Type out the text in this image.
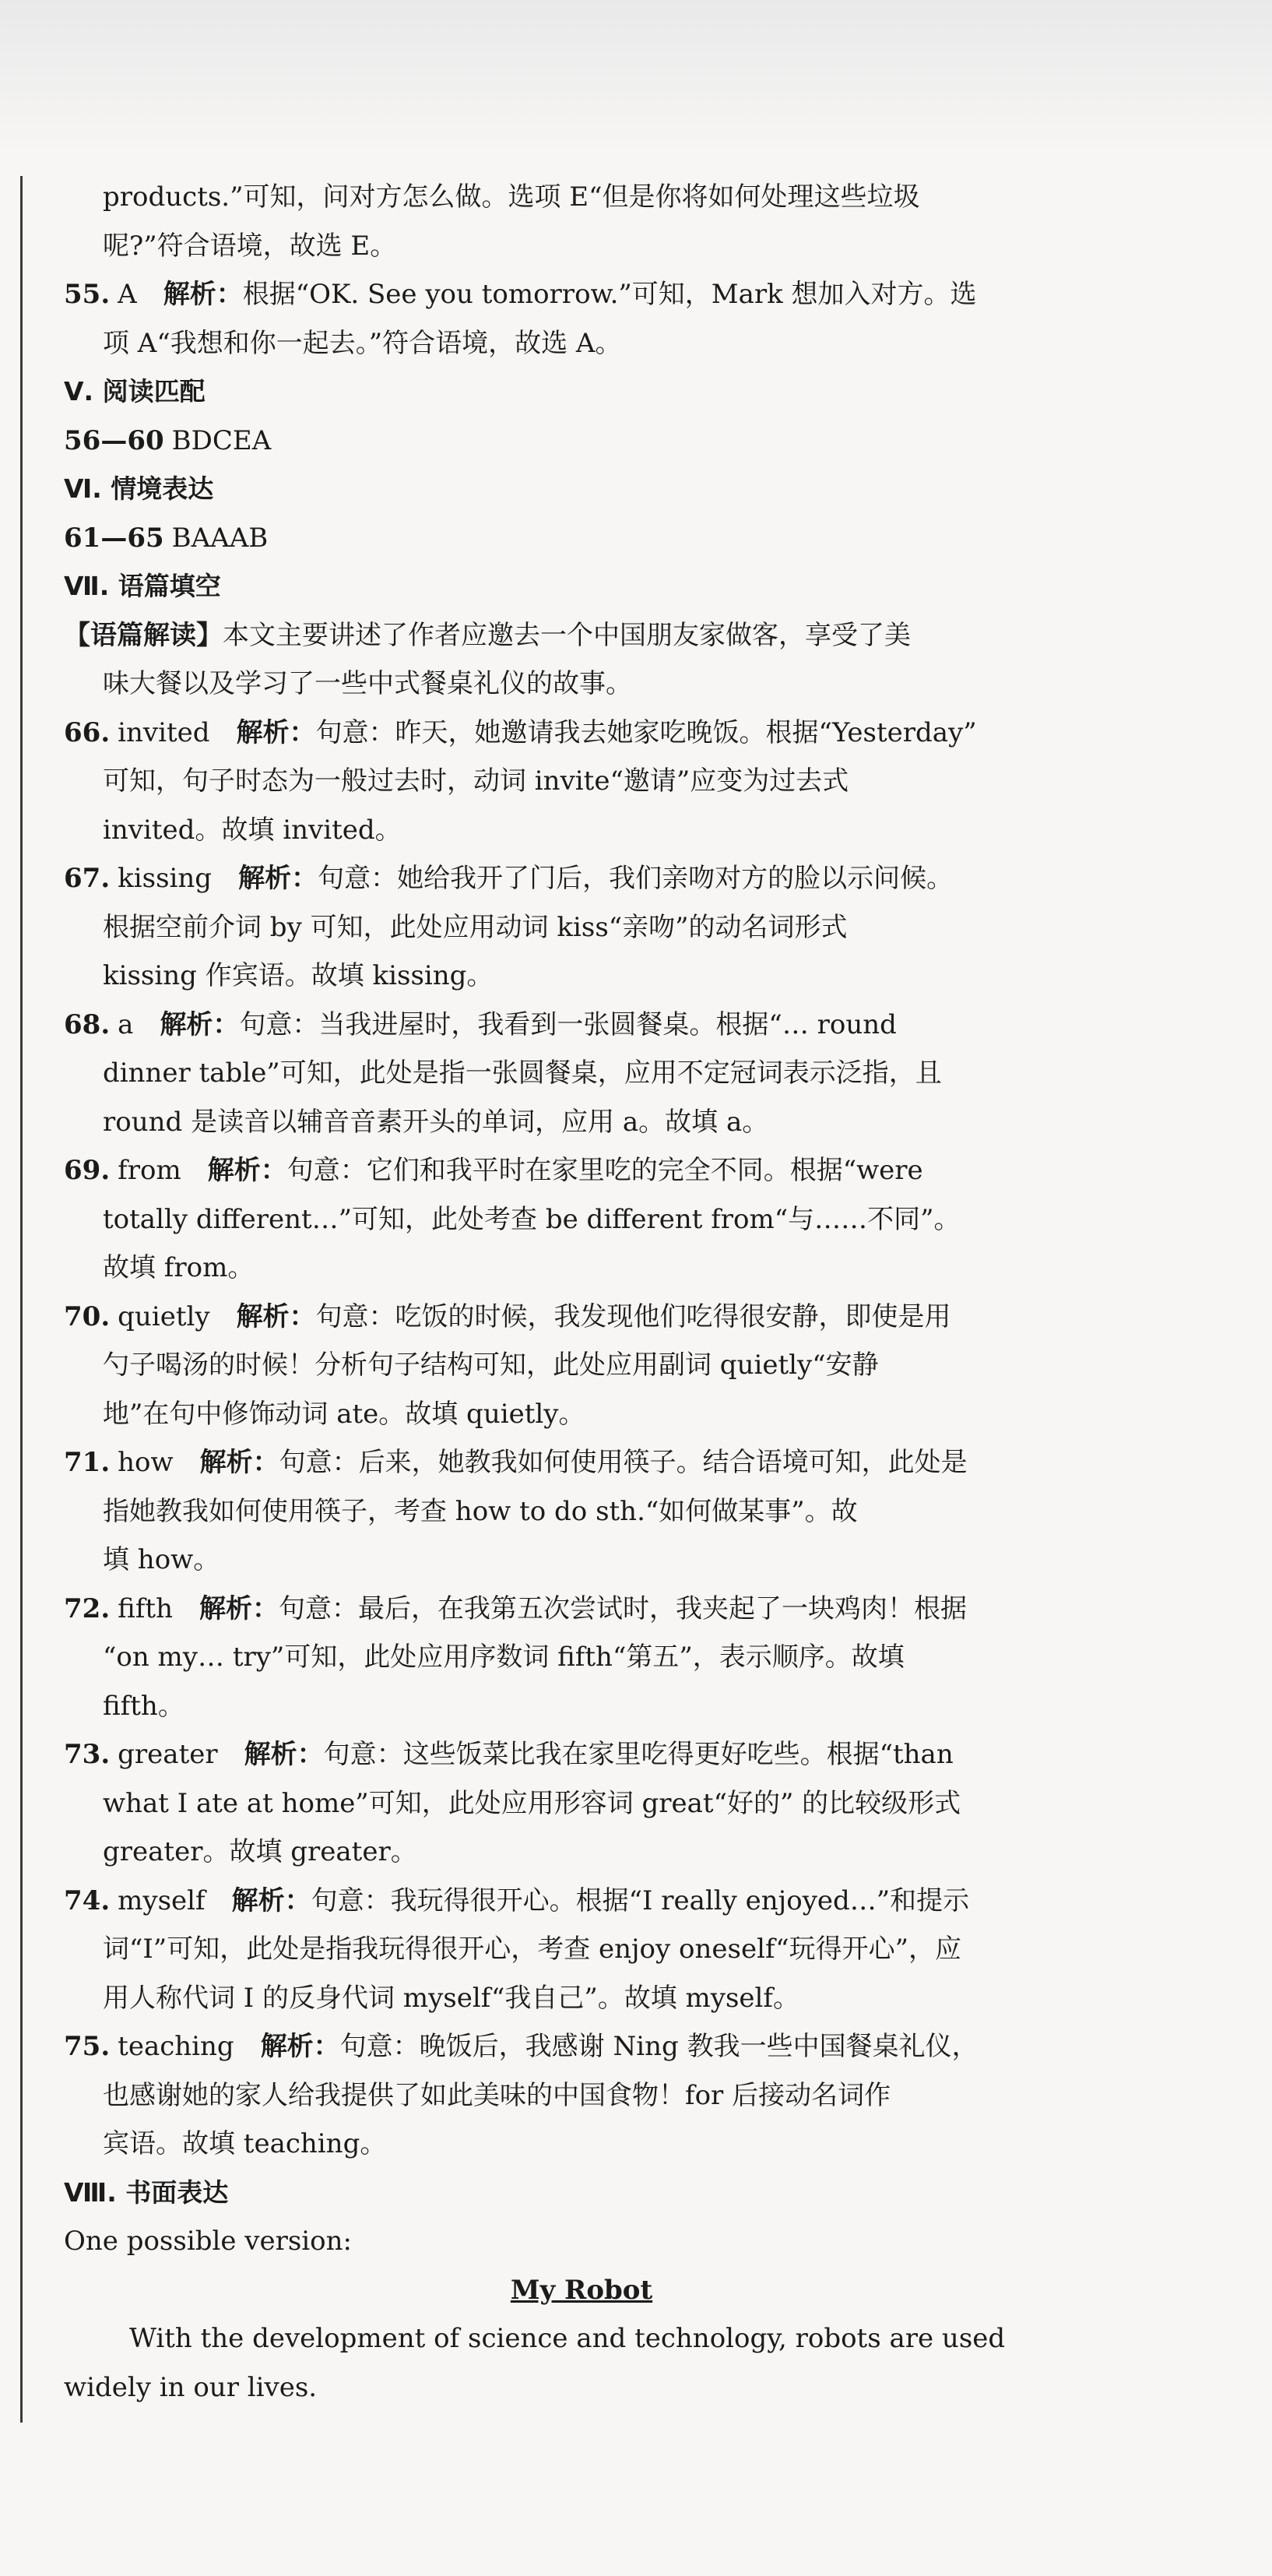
products.”可知，问对方怎么做。选项 E“但是你将如何处理这些垃圾
呢?”符合语境，故选 E。
55. A 解析：根据“OK. See you tomorrow.”可知，Mark 想加入对方。选
项 A“我想和你一起去。”符合语境，故选 A。
Ⅴ. 阅读匹配
56—60 BDCEA
Ⅵ. 情境表达
61—65 BAAAB
Ⅶ. 语篇填空
【语篇解读】本文主要讲述了作者应邀去一个中国朋友家做客，享受了美
味大餐以及学习了一些中式餐桌礼仪的故事。
66. invited 解析：句意：昨天，她邀请我去她家吃晚饭。根据“Yesterday”
可知，句子时态为一般过去时，动词 invite“邀请”应变为过去式
invited。故填 invited。
67. kissing 解析：句意：她给我开了门后，我们亲吻对方的脸以示问候。
根据空前介词 by 可知，此处应用动词 kiss“亲吻”的动名词形式
kissing 作宾语。故填 kissing。
68. a 解析：句意：当我进屋时，我看到一张圆餐桌。根据“… round
dinner table”可知，此处是指一张圆餐桌，应用不定冠词表示泛指，且
round 是读音以辅音音素开头的单词，应用 a。故填 a。
69. from 解析：句意：它们和我平时在家里吃的完全不同。根据“were
totally different…”可知，此处考查 be different from“与……不同”。
故填 from。
70. quietly 解析：句意：吃饭的时候，我发现他们吃得很安静，即使是用
勺子喝汤的时候！分析句子结构可知，此处应用副词 quietly“安静
地”在句中修饰动词 ate。故填 quietly。
71. how 解析：句意：后来，她教我如何使用筷子。结合语境可知，此处是
指她教我如何使用筷子，考查 how to do sth.“如何做某事”。故
填 how。
72. fifth 解析：句意：最后，在我第五次尝试时，我夹起了一块鸡肉！根据
“on my… try”可知，此处应用序数词 fifth“第五”，表示顺序。故填
fifth。
73. greater 解析：句意：这些饭菜比我在家里吃得更好吃些。根据“than
what I ate at home”可知，此处应用形容词 great“好的” 的比较级形式
greater。故填 greater。
74. myself 解析：句意：我玩得很开心。根据“I really enjoyed…”和提示
词“I”可知，此处是指我玩得很开心，考查 enjoy oneself“玩得开心”，应
用人称代词 I 的反身代词 myself“我自己”。故填 myself。
75. teaching 解析：句意：晚饭后，我感谢 Ning 教我一些中国餐桌礼仪，
也感谢她的家人给我提供了如此美味的中国食物！for 后接动名词作
宾语。故填 teaching。
Ⅷ. 书面表达
One possible version:
My Robot
With the development of science and technology, robots are used
widely in our lives.
